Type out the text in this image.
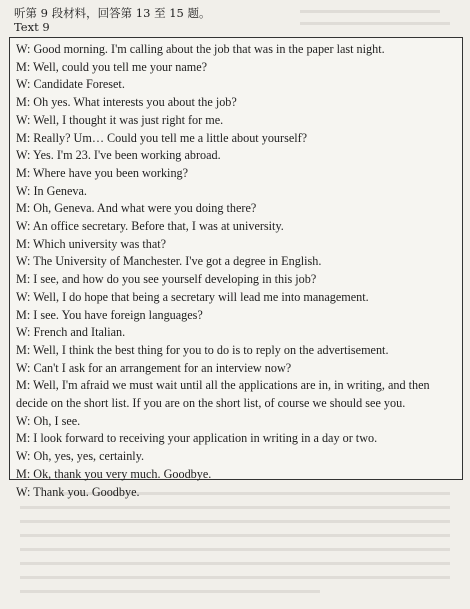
听第 9 段材料，回答第 13 至 15 题。
Text 9
W: Good morning. I'm calling about the job that was in the paper last night.
M: Well, could you tell me your name?
W: Candidate Foreset.
M: Oh yes. What interests you about the job?
W: Well, I thought it was just right for me.
M: Really? Um… Could you tell me a little about yourself?
W: Yes. I'm 23. I've been working abroad.
M: Where have you been working?
W: In Geneva.
M: Oh, Geneva. And what were you doing there?
W: An office secretary. Before that, I was at university.
M: Which university was that?
W: The University of Manchester. I've got a degree in English.
M: I see, and how do you see yourself developing in this job?
W: Well, I do hope that being a secretary will lead me into management.
M: I see. You have foreign languages?
W: French and Italian.
M: Well, I think the best thing for you to do is to reply on the advertisement.
W: Can't I ask for an arrangement for an interview now?
M: Well, I'm afraid we must wait until all the applications are in, in writing, and then decide on the short list. If you are on the short list, of course we should see you.
W: Oh, I see.
M: I look forward to receiving your application in writing in a day or two.
W: Oh, yes, yes, certainly.
M: Ok, thank you very much. Goodbye.
W: Thank you. Goodbye.
